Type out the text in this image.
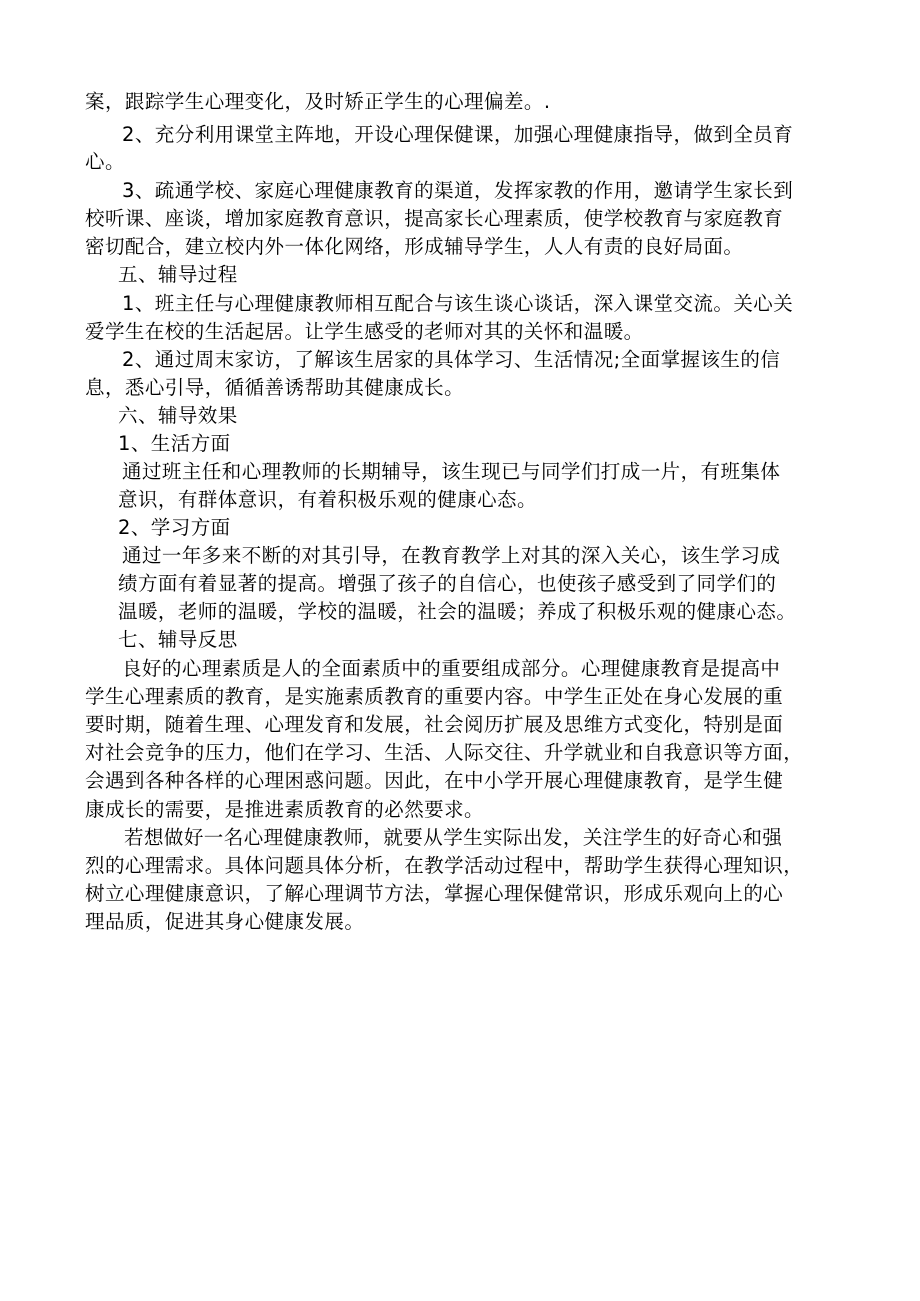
案，跟踪学生心理变化，及时矫正学生的心理偏差。.
2、充分利用课堂主阵地，开设心理保健课，加强心理健康指导，做到全员育
心。
3、疏通学校、家庭心理健康教育的渠道，发挥家教的作用，邀请学生家长到
校听课、座谈，增加家庭教育意识，提高家长心理素质，使学校教育与家庭教育
密切配合，建立校内外一体化网络，形成辅导学生，人人有责的良好局面。
五、辅导过程
1、班主任与心理健康教师相互配合与该生谈心谈话，深入课堂交流。关心关
爱学生在校的生活起居。让学生感受的老师对其的关怀和温暖。
2、通过周末家访，了解该生居家的具体学习、生活情况;全面掌握该生的信
息，悉心引导，循循善诱帮助其健康成长。
六、辅导效果
1、生活方面
通过班主任和心理教师的长期辅导，该生现已与同学们打成一片，有班集体
意识，有群体意识，有着积极乐观的健康心态。
2、学习方面
通过一年多来不断的对其引导，在教育教学上对其的深入关心，该生学习成
绩方面有着显著的提高。增强了孩子的自信心，也使孩子感受到了同学们的
温暖，老师的温暖，学校的温暖，社会的温暖；养成了积极乐观的健康心态。
七、辅导反思
良好的心理素质是人的全面素质中的重要组成部分。心理健康教育是提高中
学生心理素质的教育，是实施素质教育的重要内容。中学生正处在身心发展的重
要时期，随着生理、心理发育和发展，社会阅历扩展及思维方式变化，特别是面
对社会竞争的压力，他们在学习、生活、人际交往、升学就业和自我意识等方面，
会遇到各种各样的心理困惑问题。因此，在中小学开展心理健康教育，是学生健
康成长的需要，是推进素质教育的必然要求。
若想做好一名心理健康教师，就要从学生实际出发，关注学生的好奇心和强
烈的心理需求。具体问题具体分析，在教学活动过程中，帮助学生获得心理知识，
树立心理健康意识，了解心理调节方法，掌握心理保健常识，形成乐观向上的心
理品质，促进其身心健康发展。
